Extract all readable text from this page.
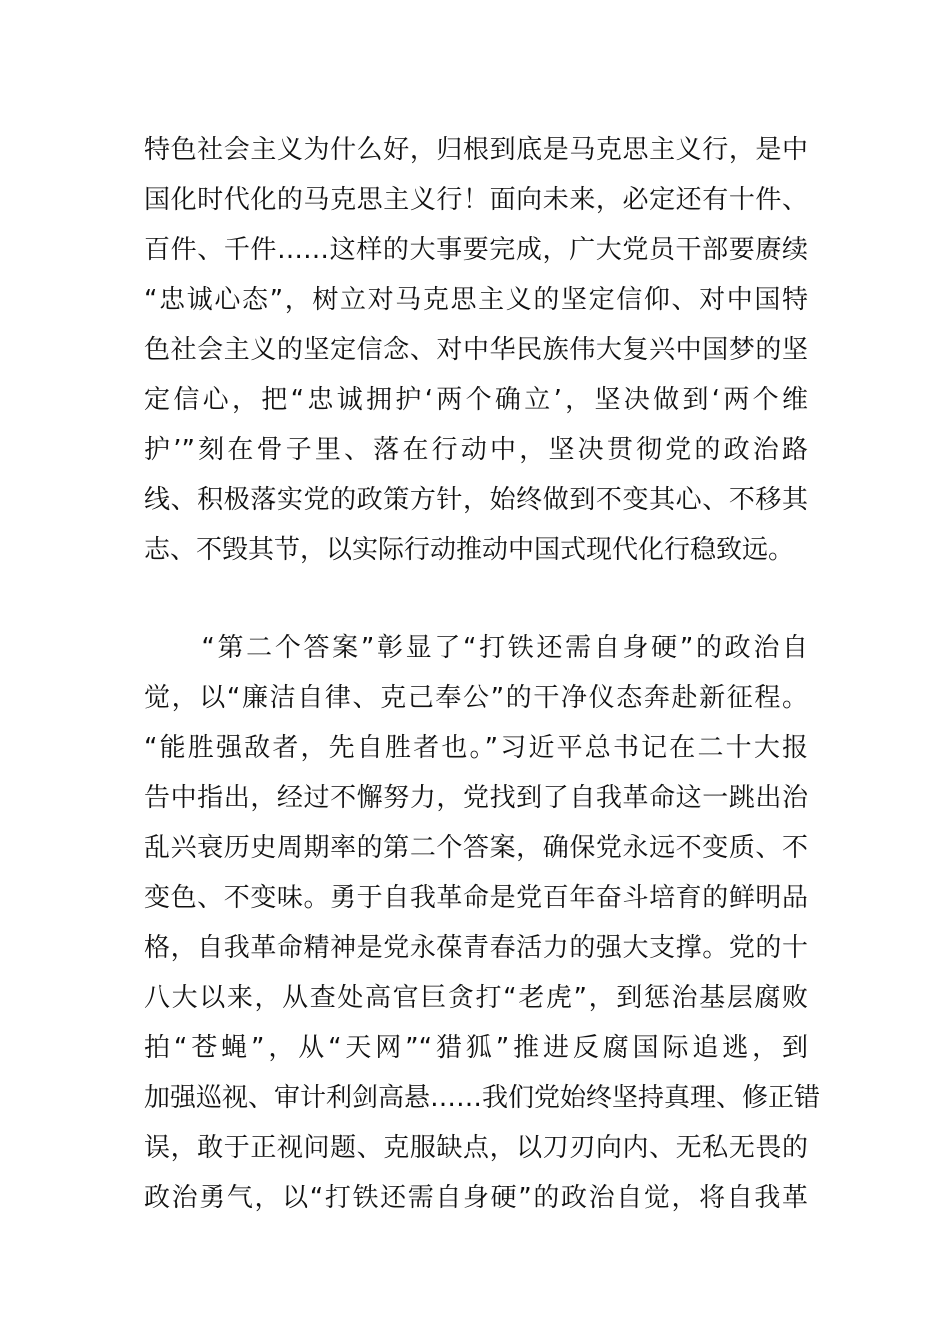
特色社会主义为什么好，归根到底是马克思主义行，是中

国化时代化的马克思主义行！面向未来，必定还有十件、

百件、千件……这样的大事要完成，广大党员干部要赓续

“忠诚心态”，树立对马克思主义的坚定信仰、对中国特

色社会主义的坚定信念、对中华民族伟大复兴中国梦的坚

定信心，把“忠诚拥护‘两个确立’，坚决做到‘两个维

护’”刻在骨子里、落在行动中，坚决贯彻党的政治路

线、积极落实党的政策方针，始终做到不变其心、不移其

志、不毁其节，以实际行动推动中国式现代化行稳致远。

　　“第二个答案”彰显了“打铁还需自身硬”的政治自

觉，以“廉洁自律、克己奉公”的干净仪态奔赴新征程。

“能胜强敌者，先自胜者也。”习近平总书记在二十大报

告中指出，经过不懈努力，党找到了自我革命这一跳出治

乱兴衰历史周期率的第二个答案，确保党永远不变质、不

变色、不变味。勇于自我革命是党百年奋斗培育的鲜明品

格，自我革命精神是党永葆青春活力的强大支撑。党的十

八大以来，从查处高官巨贪打“老虎”，到惩治基层腐败

拍“苍蝇”，从“天网”“猎狐”推进反腐国际追逃，到

加强巡视、审计利剑高悬……我们党始终坚持真理、修正错

误，敢于正视问题、克服缺点，以刀刃向内、无私无畏的

政治勇气，以“打铁还需自身硬”的政治自觉，将自我革
